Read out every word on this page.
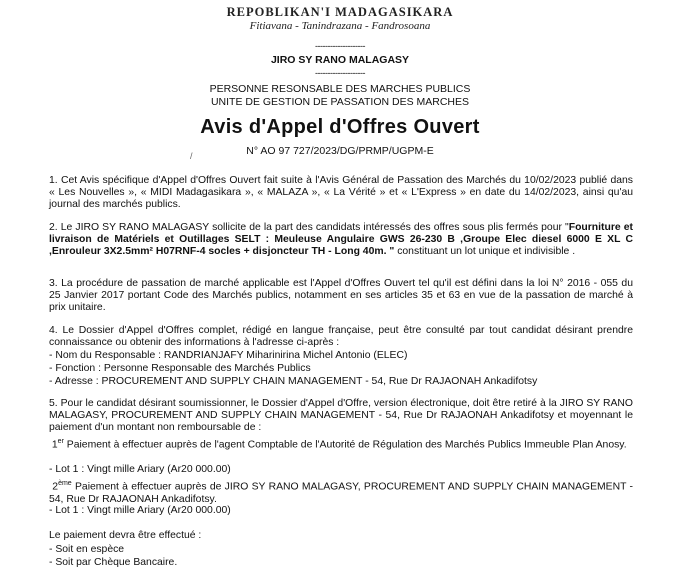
REPOBLIKAN'I MADAGASIKARA
Fitiavana - Tanindrazana - Fandrosoana
--------------------
JIRO SY RANO MALAGASY
--------------------
PERSONNE RESONSABLE DES MARCHES PUBLICS
UNITE DE GESTION DE PASSATION DES MARCHES
Avis d'Appel d'Offres Ouvert
N° AO 97 727/2023/DG/PRMP/UGPM-E
/

1. Cet Avis spécifique d'Appel d'Offres Ouvert fait suite à l'Avis Général de Passation des Marchés du 10/02/2023 publié dans « Les Nouvelles », « MIDI Madagasikara », « MALAZA », « La Vérité » et « L'Express » en date du 14/02/2023, ainsi qu'au journal des marchés publics.

2. Le JIRO SY RANO MALAGASY sollicite de la part des candidats intéressés des offres sous plis fermés pour "Fourniture et livraison de Matériels et Outillages SELT : Meuleuse Angulaire GWS 26-230 B ,Groupe Elec diesel 6000 E XL C ,Enrouleur 3X2.5mm² H07RNF-4 socles + disjoncteur TH - Long 40m. " constituant un lot unique et indivisible .

3. La procédure de passation de marché applicable est l'Appel d'Offres Ouvert tel qu'il est défini dans la loi N° 2016 - 055 du 25 Janvier 2017 portant Code des Marchés publics, notamment en ses articles 35 et 63 en vue de la passation de marché à prix unitaire.

4. Le Dossier d'Appel d'Offres complet, rédigé en langue française, peut être consulté par tout candidat désirant prendre connaissance ou obtenir des informations à l'adresse ci-après :

- Nom du Responsable : RANDRIANJAFY Miharinirina Michel Antonio (ELEC)
- Fonction : Personne Responsable des Marchés Publics
- Adresse : PROCUREMENT AND SUPPLY CHAIN MANAGEMENT - 54, Rue Dr RAJAONAH Ankadifotsy

5. Pour le candidat désirant soumissionner, le Dossier d'Appel d'Offre, version électronique, doit être retiré à la JIRO SY RANO MALAGASY, PROCUREMENT AND SUPPLY CHAIN MANAGEMENT - 54, Rue Dr RAJAONAH Ankadifotsy et moyennant le paiement d'un montant non remboursable de :

1er Paiement à effectuer auprès de l'agent Comptable de l'Autorité de Régulation des Marchés Publics Immeuble Plan Anosy.

- Lot 1 : Vingt mille Ariary (Ar20 000.00)

2ème Paiement à effectuer auprès de JIRO SY RANO MALAGASY, PROCUREMENT AND SUPPLY CHAIN MANAGEMENT - 54, Rue Dr RAJAONAH Ankadifotsy.

- Lot 1 : Vingt mille Ariary (Ar20 000.00)
Le paiement devra être effectué :
- Soit en espèce
- Soit par Chèque Bancaire.
